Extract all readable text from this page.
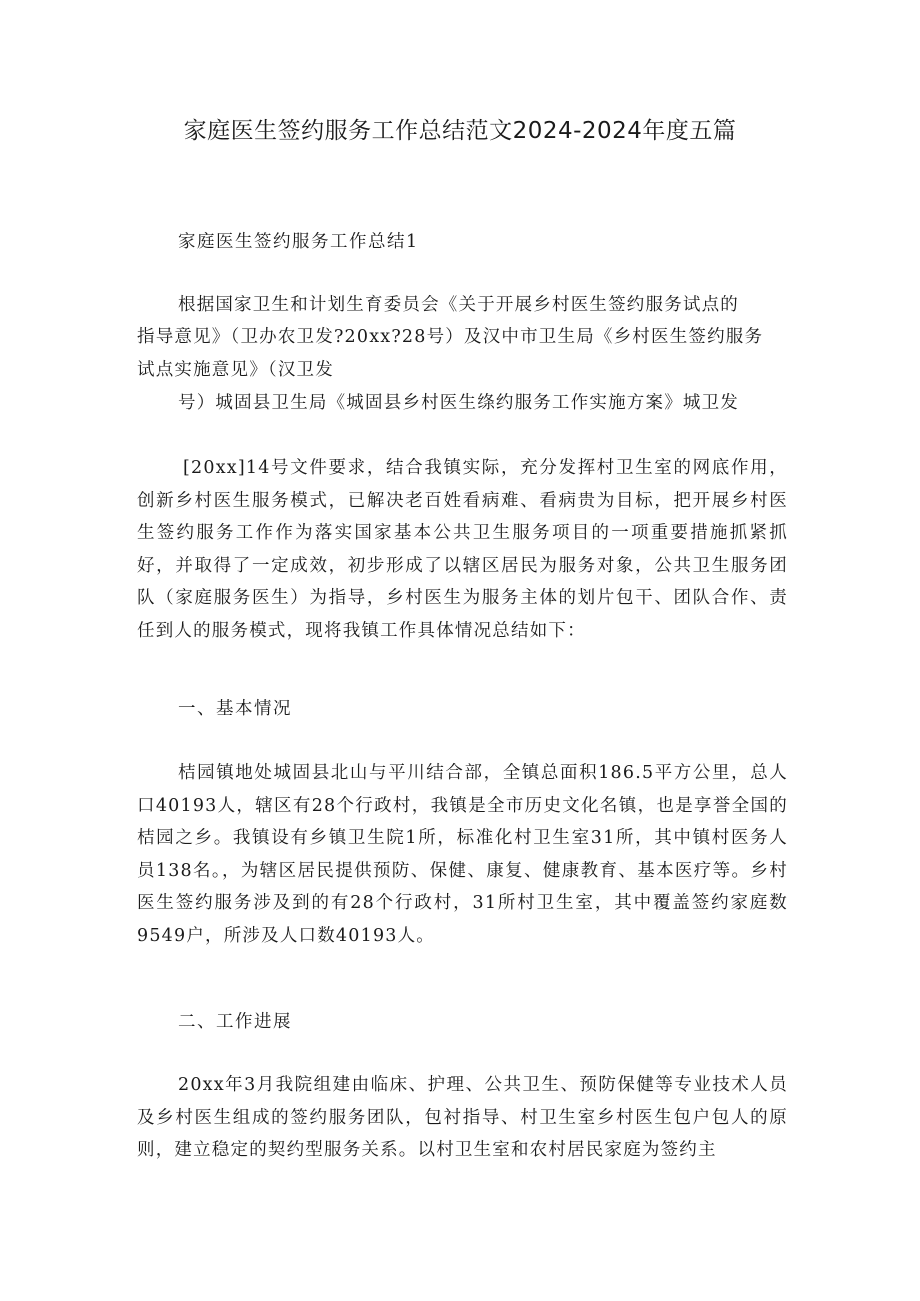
家庭医生签约服务工作总结范文2024-2024年度五篇
家庭医生签约服务工作总结1
根据国家卫生和计划生育委员会《关于开展乡村医生签约服务试点的
指导意见》（卫办农卫发?20xx?28号）及汉中市卫生局《乡村医生签约服务
试点实施意见》（汉卫发
号）城固县卫生局《城固县乡村医生绦约服务工作实施方案》城卫发
[20xx]14号文件要求，结合我镇实际，充分发挥村卫生室的网底作用，创新乡村医生服务模式，已解决老百姓看病难、看病贵为目标，把开展乡村医生签约服务工作作为落实国家基本公共卫生服务项目的一项重要措施抓紧抓好，并取得了一定成效，初步形成了以辖区居民为服务对象，公共卫生服务团队（家庭服务医生）为指导，乡村医生为服务主体的划片包干、团队合作、责任到人的服务模式，现将我镇工作具体情况总结如下：
一、基本情况
桔园镇地处城固县北山与平川结合部，全镇总面积186.5平方公里，总人口40193人，辖区有28个行政村，我镇是全市历史文化名镇，也是享誉全国的桔园之乡。我镇设有乡镇卫生院1所，标准化村卫生室31所，其中镇村医务人员138名。，为辖区居民提供预防、保健、康复、健康教育、基本医疗等。乡村医生签约服务涉及到的有28个行政村，31所村卫生室，其中覆盖签约家庭数9549户，所涉及人口数40193人。
二、工作进展
20xx年3月我院组建由临床、护理、公共卫生、预防保健等专业技术人员及乡村医生组成的签约服务团队，包衬指导、村卫生室乡村医生包户包人的原则，建立稳定的契约型服务关系。以村卫生室和农村居民家庭为签约主
